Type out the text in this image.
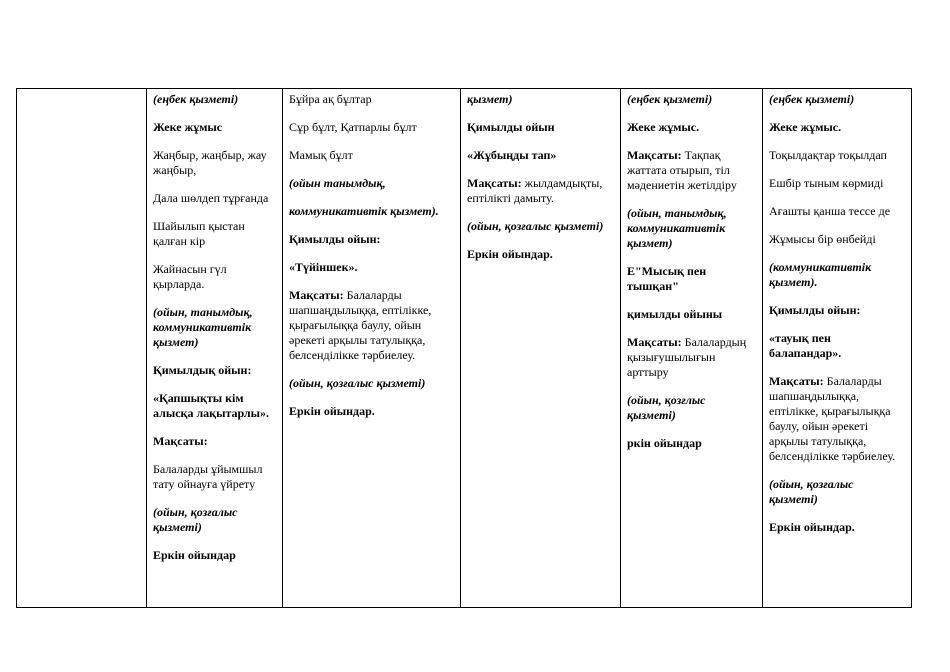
(еңбек қызметі)

Жеке жұмыс

Жаңбыр, жаңбыр, жау жаңбыр,

Дала шөлдеп тұрғанда

Шайылып қыстан қалған кір

Жайнасын гүл қырларда.

(ойын, танымдық, коммуникативтік қызмет)

Қимылдық ойын:

«Қапшықты кім алысқа лақытарлы».

Мақсаты:

Балаларды ұйымшыл тату ойнауға үйрету

(ойын, қозғалыс қызметі)

Еркін ойындар

Бұйра ақ бұлтар

Сұр бұлт, Қатпарлы бұлт

Мамық бұлт

(ойын танымдық,

коммуникативтік қызмет).

Қимылды ойын:

«Түйіншек».

Мақсаты: Балаларды шапшаңдылыққа, ептілікке, қырағылыққа баулу, ойын әрекеті арқылы татулыққа, белсенділікке тәрбиелеу.

(ойын, қозғалыс қызметі)

Еркін ойындар.

қызмет)

Қимылды ойын

«Жұбыңды тап»

Мақсаты: жылдамдықты, ептілікті дамыту.

(ойын, қозғалыс қызметі)

Еркін ойындар.

(еңбек қызметі)

Жеке жұмыс.

Мақсаты: Тақпақ жаттата отырып, тіл мәдениетін жетілдіру

(ойын, танымдық, коммуникативтік қызмет)

Е"Мысық пен тышқан"

қимылды ойыны

Мақсаты: Балалардың қызығушылығын арттыру

(ойын, қозғлыс қызметі)

ркін ойындар

(еңбек қызметі)

Жеке жұмыс.

Тоқылдақтар тоқылдап

Ешбір тыным көрмиді

Ағашты қанша тессе де

Жұмысы бір өнбейді

(коммуникативтік қызмет).

Қимылды ойын:

«тауық пен балапандар».

Мақсаты: Балаларды шапшаңдылыққа, ептілікке, қырағылыққа баулу, ойын әрекеті арқылы татулыққа, белсенділікке тәрбиелеу.

(ойын, қозғалыс қызметі)

Еркін ойындар.
